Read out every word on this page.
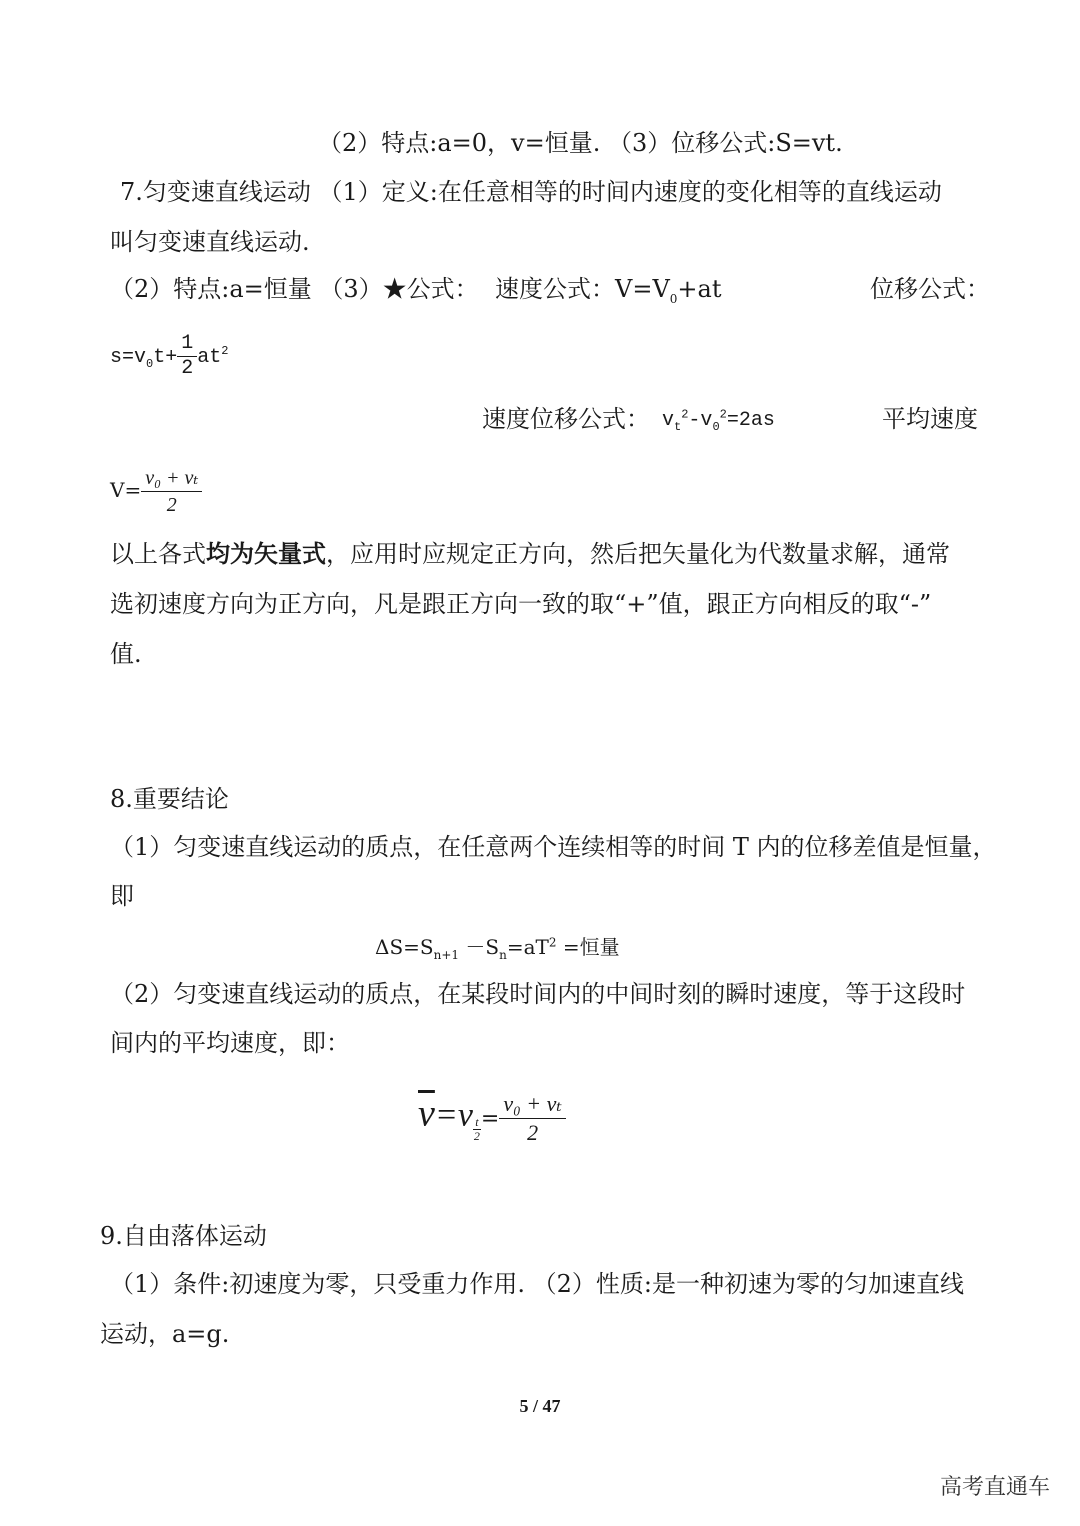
（2）特点:a=0，v=恒量. （3）位移公式:S=vt.
7.匀变速直线运动 （1）定义:在任意相等的时间内速度的变化相等的直线运动
叫匀变速直线运动.
（2）特点:a=恒量 （3）★公式： 速度公式：$V=V_0+at$	位移公式：
$s=v_0t+ \frac{1}{2} at^2$
速度位移公式： $v_t^2-v_0^2=2as$	平均速度
$V= \frac{\text{v₀ + vₜ}}{2}$
以上各式均为矢量式，应用时应规定正方向，然后把矢量化为代数量求解，通常
选初速度方向为正方向，凡是跟正方向一致的取“+”值，跟正方向相反的取“-”
值.
8.重要结论
（1）匀变速直线运动的质点，在任意两个连续相等的时间 T 内的位移差值是恒量，
即
$\Delta S=S_{n+1} -S_n=aT^2$ =恒量
（2）匀变速直线运动的质点，在某段时间内的中间时刻的瞬时速度，等于这段时
间内的平均速度，即：
$\overline{v}=v \frac{t}{2} = \frac{\text{v₀ + vₜ}}{2}$
9.自由落体运动
（1）条件:初速度为零，只受重力作用. （2）性质:是一种初速为零的匀加速直线
运动，a=g.
5 / 47
高考直通车
